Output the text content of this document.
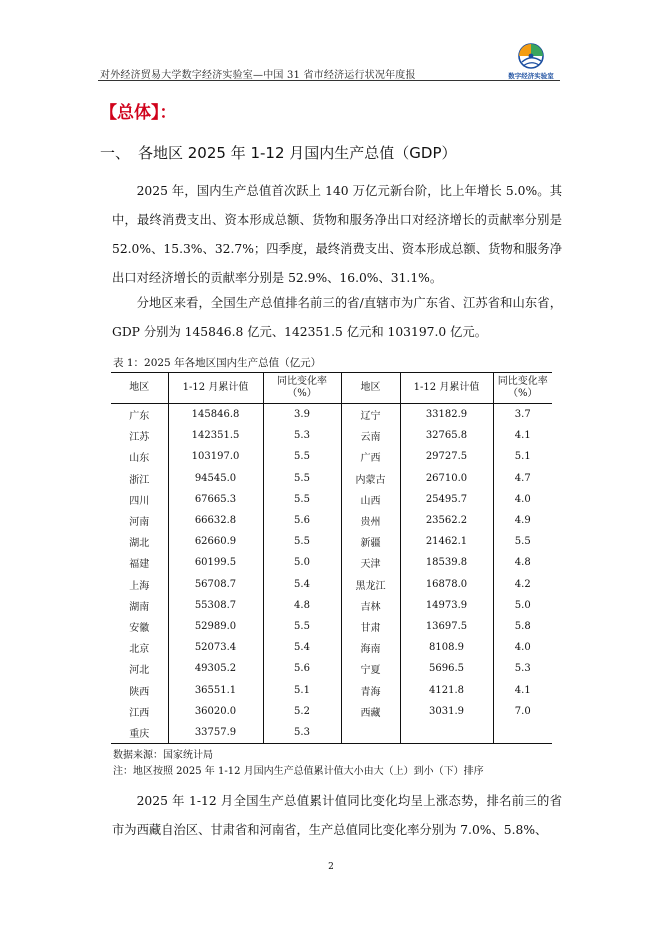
对外经济贸易大学数字经济实验室—中国 31 省市经济运行状况年度报	数字经济实验室
【总体】：
一、 各地区 2025 年 1-12 月国内生产总值（GDP）
2025 年，国内生产总值首次跃上 140 万亿元新台阶，比上年增长 5.0%。其中，最终消费支出、资本形成总额、货物和服务净出口对经济增长的贡献率分别是 52.0%、15.3%、32.7%；四季度，最终消费支出、资本形成总额、货物和服务净出口对经济增长的贡献率分别是 52.9%、16.0%、31.1%。
分地区来看，全国生产总值排名前三的省/直辖市为广东省、江苏省和山东省，GDP 分别为 145846.8 亿元、142351.5 亿元和 103197.0 亿元。
表 1：2025 年各地区国内生产总值（亿元）
地区	1-12 月累计值	同比变化率
（%）	地区	1-12 月累计值	同比变化率
（%）
广东	145846.8	3.9	辽宁	33182.9	3.7
江苏	142351.5	5.3	云南	32765.8	4.1
山东	103197.0	5.5	广西	29727.5	5.1
浙江	94545.0	5.5	内蒙古	26710.0	4.7
四川	67665.3	5.5	山西	25495.7	4.0
河南	66632.8	5.6	贵州	23562.2	4.9
湖北	62660.9	5.5	新疆	21462.1	5.5
福建	60199.5	5.0	天津	18539.8	4.8
上海	56708.7	5.4	黑龙江	16878.0	4.2
湖南	55308.7	4.8	吉林	14973.9	5.0
安徽	52989.0	5.5	甘肃	13697.5	5.8
北京	52073.4	5.4	海南	8108.9	4.0
河北	49305.2	5.6	宁夏	5696.5	5.3
陕西	36551.1	5.1	青海	4121.8	4.1
江西	36020.0	5.2	西藏	3031.9	7.0
重庆	33757.9	5.3			
数据来源：国家统计局
注：地区按照 2025 年 1-12 月国内生产总值累计值大小由大（上）到小（下）排序
2025 年 1-12 月全国生产总值累计值同比变化均呈上涨态势，排名前三的省市为西藏自治区、甘肃省和河南省，生产总值同比变化率分别为 7.0%、5.8%、
2
